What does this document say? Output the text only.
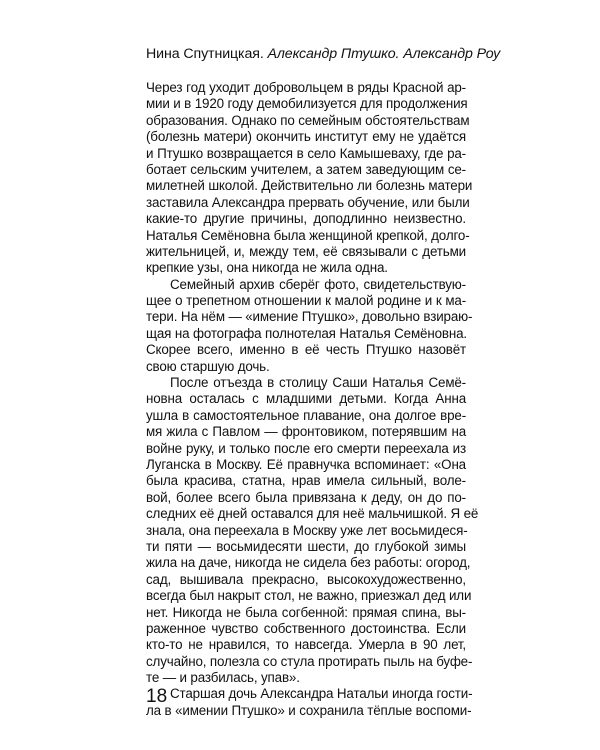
Нина Спутницкая. Александр Птушко. Александр Роу
Через год уходит добровольцем в ряды Красной ар-
мии и в 1920 году демобилизуется для продолжения
образования. Однако по семейным обстоятельствам
(болезнь матери) окончить институт ему не удаётся
и Птушко возвращается в село Камышеваху, где ра-
ботает сельским учителем, а затем заведующим се-
милетней школой. Действительно ли болезнь матери
заставила Александра прервать обучение, или были
какие-то другие причины, доподлинно неизвестно.
Наталья Семёновна была женщиной крепкой, долго-
жительницей, и, между тем, её связывали с детьми
крепкие узы, она никогда не жила одна.
Семейный архив сберёг фото, свидетельствую-
щее о трепетном отношении к малой родине и к ма-
тери. На нём — «имение Птушко», довольно взираю-
щая на фотографа полнотелая Наталья Семёновна.
Скорее всего, именно в её честь Птушко назовёт
свою старшую дочь.
После отъезда в столицу Саши Наталья Семё-
новна осталась с младшими детьми. Когда Анна
ушла в самостоятельное плавание, она долгое вре-
мя жила с Павлом — фронтовиком, потерявшим на
войне руку, и только после его смерти переехала из
Луганска в Москву. Её правнучка вспоминает: «Она
была красива, статна, нрав имела сильный, воле-
вой, более всего была привязана к деду, он до по-
следних её дней оставался для неё мальчишкой. Я её
знала, она переехала в Москву уже лет восьмидеся-
ти пяти — восьмидесяти шести, до глубокой зимы
жила на даче, никогда не сидела без работы: огород,
сад, вышивала прекрасно, высокохудожественно,
всегда был накрыт стол, не важно, приезжал дед или
нет. Никогда не была согбенной: прямая спина, вы-
раженное чувство собственного достоинства. Если
кто-то не нравился, то навсегда. Умерла в 90 лет,
случайно, полезла со стула протирать пыль на буфе-
те — и разбилась, упав».
Старшая дочь Александра Натальи иногда гости-
ла в «имении Птушко» и сохранила тёплые воспоми-
18
